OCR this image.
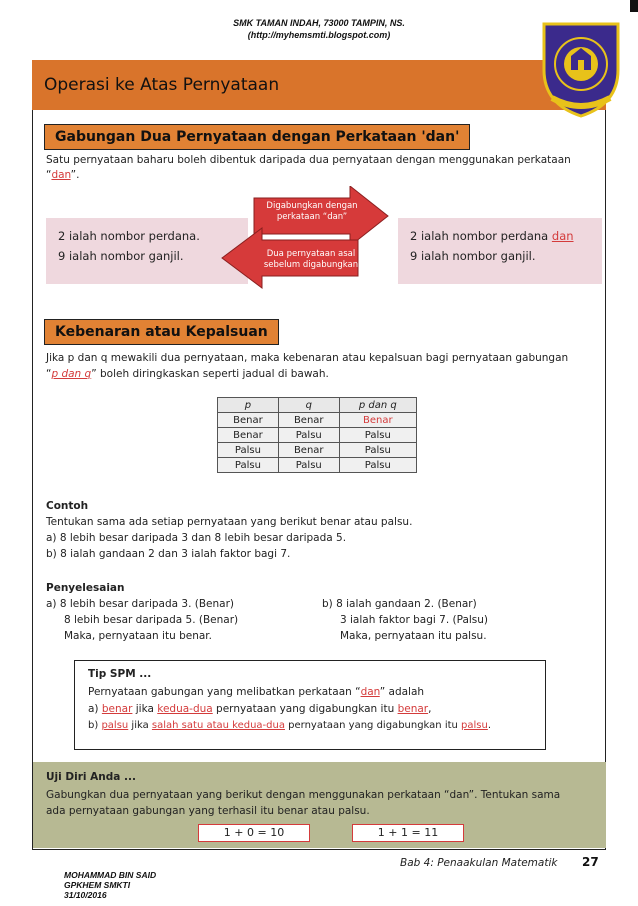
SMK TAMAN INDAH, 73000 TAMPIN, NS.
(http://myhemsmti.blogspot.com)
Operasi ke Atas Pernyataan
Gabungan Dua Pernyataan dengan Perkataan 'dan'
Satu pernyataan baharu boleh dibentuk daripada dua pernyataan dengan menggunakan perkataan
“dan”.
2 ialah nombor perdana.
9 ialah nombor ganjil.
2 ialah nombor perdana dan
9 ialah nombor ganjil.
Digabungkan dengan perkataan “dan”
Dua pernyataan asal sebelum digabungkan
Kebenaran atau Kepalsuan
Jika p dan q mewakili dua pernyataan, maka kebenaran atau kepalsuan bagi pernyataan gabungan
“p dan q” boleh diringkaskan seperti jadual di bawah.
p	q	p dan q
Benar	Benar	Benar
Benar	Palsu	Palsu
Palsu	Benar	Palsu
Palsu	Palsu	Palsu
Contoh
Tentukan sama ada setiap pernyataan yang berikut benar atau palsu.
a) 8 lebih besar daripada 3 dan 8 lebih besar daripada 5.
b) 8 ialah gandaan 2 dan 3 ialah faktor bagi 7.
Penyelesaian
a) 8 lebih besar daripada 3. (Benar)
8 lebih besar daripada 5. (Benar)
Maka, pernyataan itu benar.
b) 8 ialah gandaan 2. (Benar)
3 ialah faktor bagi 7. (Palsu)
Maka, pernyataan itu palsu.
Tip SPM ...
Pernyataan gabungan yang melibatkan perkataan “dan” adalah
a) benar jika kedua-dua pernyataan yang digabungkan itu benar,
b) palsu jika salah satu atau kedua-dua pernyataan yang digabungkan itu palsu.
Uji Diri Anda ...
Gabungkan dua pernyataan yang berikut dengan menggunakan perkataan “dan”. Tentukan sama
ada pernyataan gabungan yang terhasil itu benar atau palsu.
1 + 0 = 10	1 + 1 = 11
MOHAMMAD BIN SAID
GPKHEM SMKTI
31/10/2016
Bab 4: Penaakulan Matematik 27
